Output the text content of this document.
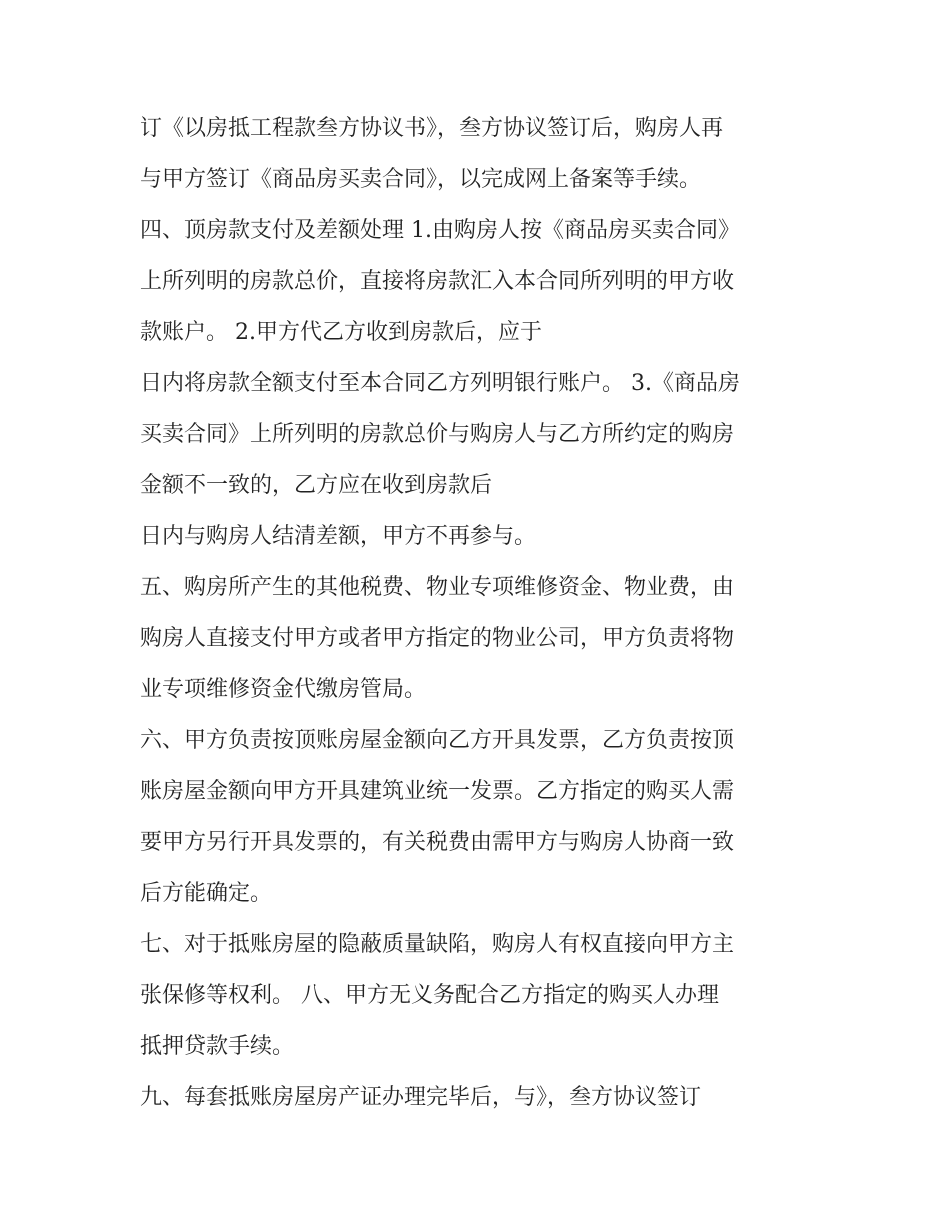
订《以房抵工程款叁方协议书》，叁方协议签订后，购房人再
与甲方签订《商品房买卖合同》，以完成网上备案等手续。
四、顶房款支付及差额处理 1.由购房人按《商品房买卖合同》
上所列明的房款总价，直接将房款汇入本合同所列明的甲方收
款账户。 2.甲方代乙方收到房款后，应于
日内将房款全额支付至本合同乙方列明银行账户。 3.《商品房
买卖合同》上所列明的房款总价与购房人与乙方所约定的购房
金额不一致的，乙方应在收到房款后
日内与购房人结清差额，甲方不再参与。
五、购房所产生的其他税费、物业专项维修资金、物业费，由
购房人直接支付甲方或者甲方指定的物业公司，甲方负责将物
业专项维修资金代缴房管局。
六、甲方负责按顶账房屋金额向乙方开具发票，乙方负责按顶
账房屋金额向甲方开具建筑业统一发票。乙方指定的购买人需
要甲方另行开具发票的，有关税费由需甲方与购房人协商一致
后方能确定。
七、对于抵账房屋的隐蔽质量缺陷，购房人有权直接向甲方主
张保修等权利。 八、甲方无义务配合乙方指定的购买人办理
抵押贷款手续。
九、每套抵账房屋房产证办理完毕后，与》，叁方协议签订
